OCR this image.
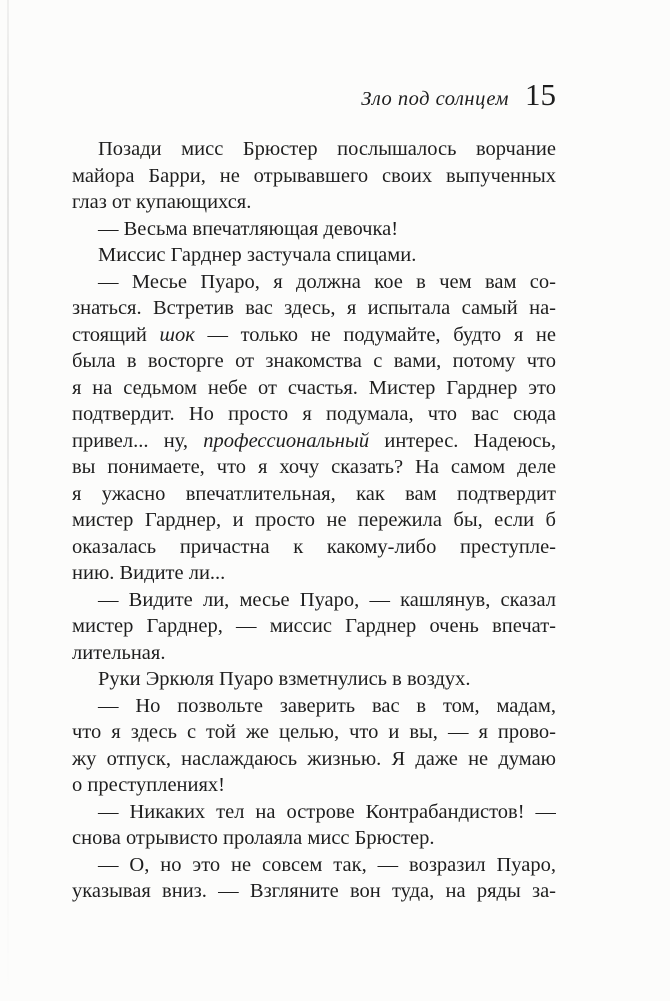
Зло под солнцем 15
Позади мисс Брюстер послышалось ворчание
майора Барри, не отрывавшего своих выпученных
глаз от купающихся.
— Весьма впечатляющая девочка!
Миссис Гарднер застучала спицами.
— Месье Пуаро, я должна кое в чем вам со-
знаться. Встретив вас здесь, я испытала самый на-
стоящий шок — только не подумайте, будто я не
была в восторге от знакомства с вами, потому что
я на седьмом небе от счастья. Мистер Гарднер это
подтвердит. Но просто я подумала, что вас сюда
привел... ну, профессиональный интерес. Надеюсь,
вы понимаете, что я хочу сказать? На самом деле
я ужасно впечатлительная, как вам подтвердит
мистер Гарднер, и просто не пережила бы, если б
оказалась причастна к какому-либо преступле-
нию. Видите ли...
— Видите ли, месье Пуаро, — кашлянув, сказал
мистер Гарднер, — миссис Гарднер очень впечат-
лительная.
Руки Эркюля Пуаро взметнулись в воздух.
— Но позвольте заверить вас в том, мадам,
что я здесь с той же целью, что и вы, — я прово-
жу отпуск, наслаждаюсь жизнью. Я даже не думаю
о преступлениях!
— Никаких тел на острове Контрабандистов! —
снова отрывисто пролаяла мисс Брюстер.
— О, но это не совсем так, — возразил Пуаро,
указывая вниз. — Взгляните вон туда, на ряды за-
